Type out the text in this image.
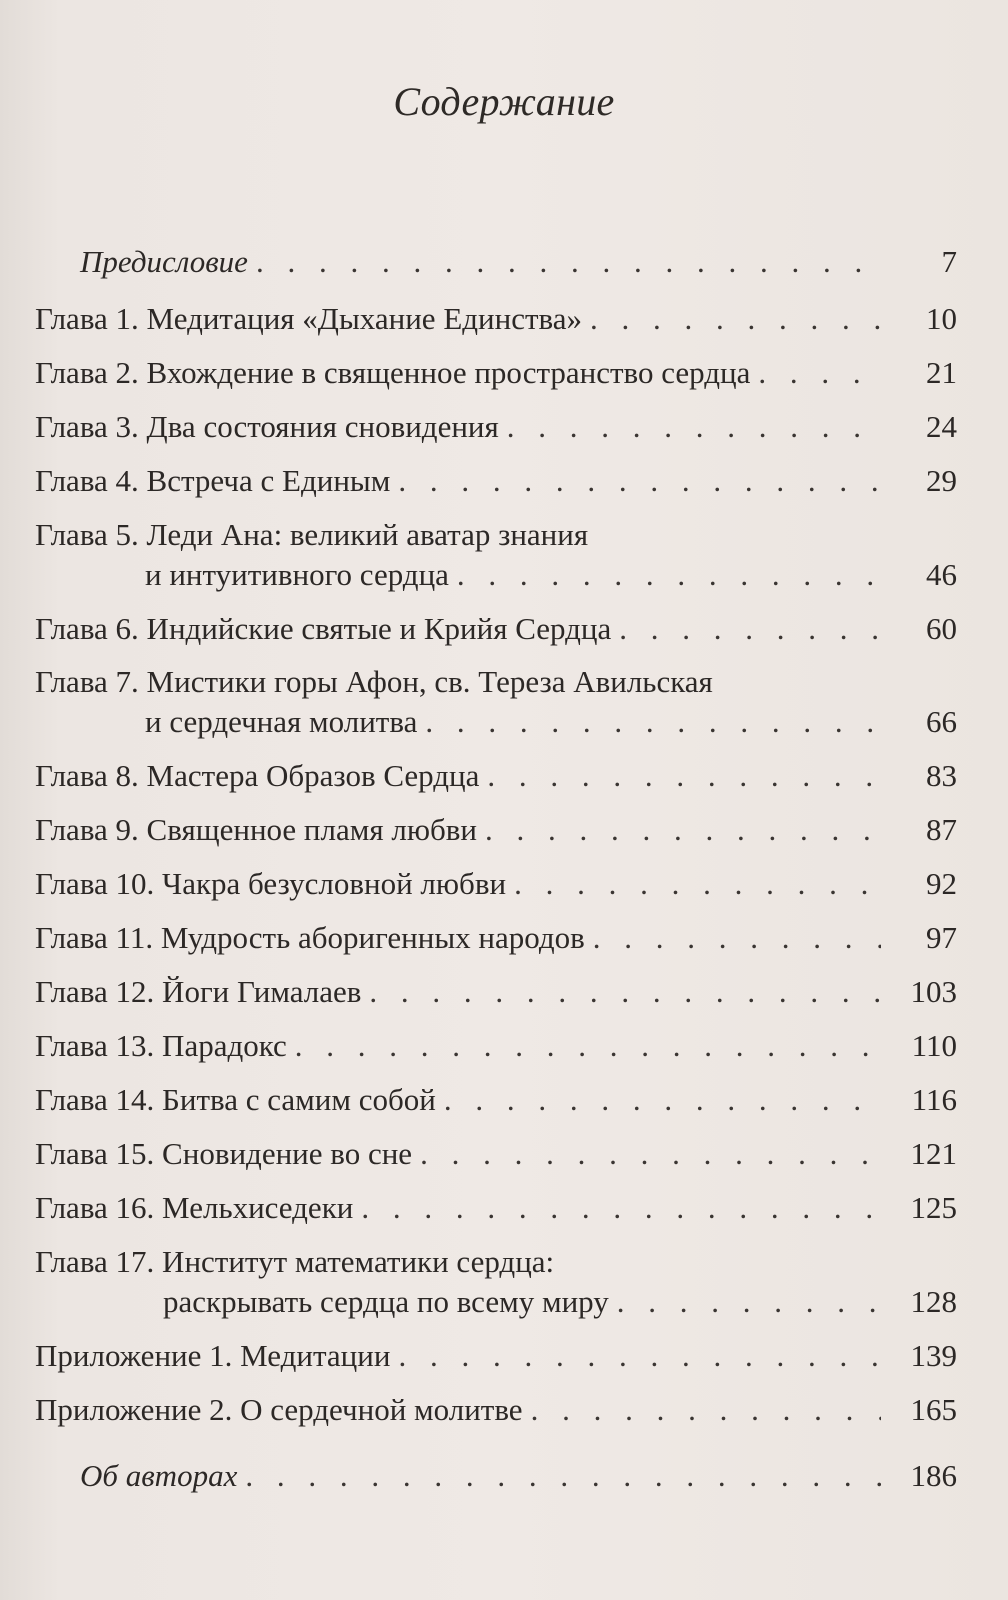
Содержание
Предисловие . . .	7
Глава 1. Медитация «Дыхание Единства» . . .	10
Глава 2. Вхождение в священное пространство сердца . . .	21
Глава 3. Два состояния сновидения . . .	24
Глава 4. Встреча с Единым . . .	29
Глава 5. Леди Ана: великий аватар знания
и интуитивного сердца . . .	46
Глава 6. Индийские святые и Крийя Сердца . . .	60
Глава 7. Мистики горы Афон, св. Тереза Авильская
и сердечная молитва . . .	66
Глава 8. Мастера Образов Сердца . . .	83
Глава 9. Священное пламя любви . . .	87
Глава 10. Чакра безусловной любви . . .	92
Глава 11. Мудрость аборигенных народов . . .	97
Глава 12. Йоги Гималаев . . .	103
Глава 13. Парадокс . . .	110
Глава 14. Битва с самим собой . . .	116
Глава 15. Сновидение во сне . . .	121
Глава 16. Мельхиседеки . . .	125
Глава 17. Институт математики сердца:
раскрывать сердца по всему миру . . .	128
Приложение 1. Медитации . . .	139
Приложение 2. О сердечной молитве . . .	165
Об авторах . . .	186
